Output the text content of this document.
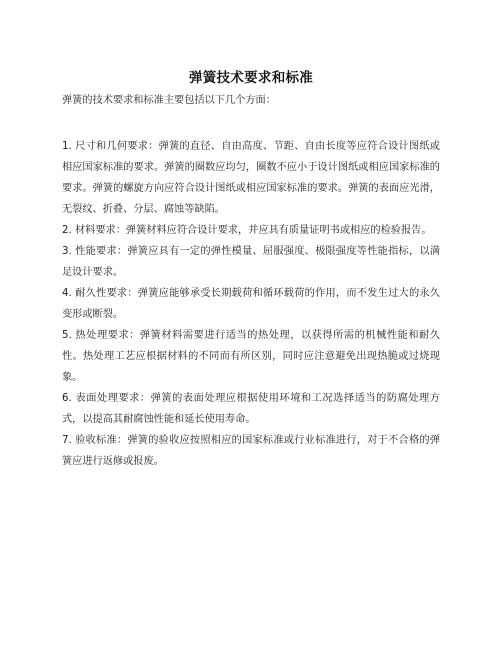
弹簧技术要求和标准
弹簧的技术要求和标准主要包括以下几个方面：

1. 尺寸和几何要求：弹簧的直径、自由高度、节距、自由长度等应符合设计图纸或相应国家标准的要求。弹簧的圈数应均匀，圈数不应小于设计图纸或相应国家标准的要求。弹簧的螺旋方向应符合设计图纸或相应国家标准的要求。弹簧的表面应光滑，无裂纹、折叠、分层、腐蚀等缺陷。

2. 材料要求：弹簧材料应符合设计要求，并应具有质量证明书或相应的检验报告。

3. 性能要求：弹簧应具有一定的弹性模量、屈服强度、极限强度等性能指标，以满足设计要求。

4. 耐久性要求：弹簧应能够承受长期载荷和循环载荷的作用，而不发生过大的永久变形或断裂。

5. 热处理要求：弹簧材料需要进行适当的热处理，以获得所需的机械性能和耐久性。热处理工艺应根据材料的不同而有所区别，同时应注意避免出现热脆或过烧现象。

6. 表面处理要求：弹簧的表面处理应根据使用环境和工况选择适当的防腐处理方式，以提高其耐腐蚀性能和延长使用寿命。

7. 验收标准：弹簧的验收应按照相应的国家标准或行业标准进行，对于不合格的弹簧应进行返修或报废。
